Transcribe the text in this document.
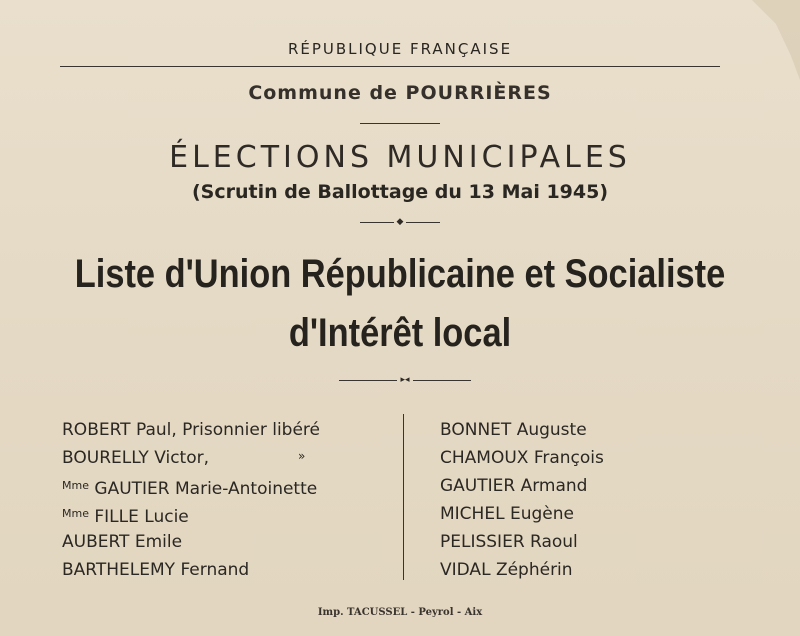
RÉPUBLIQUE FRANÇAISE
Commune de POURRIÈRES
ÉLECTIONS MUNICIPALES
(Scrutin de Ballottage du 13 Mai 1945)
◆
Liste d'Union Républicaine et Socialiste
d'Intérêt local
▸◂
ROBERT Paul, Prisonnier libéré
BOURELLY Victor,
$^{Mme}$ GAUTIER Marie-Antoinette
$^{Mme}$ FILLE Lucie
AUBERT Emile
BARTHELEMY Fernand
»
BONNET Auguste
CHAMOUX François
GAUTIER Armand
MICHEL Eugène
PELISSIER Raoul
VIDAL Zéphérin
Imp. TACUSSEL - Peyrol - Aix
